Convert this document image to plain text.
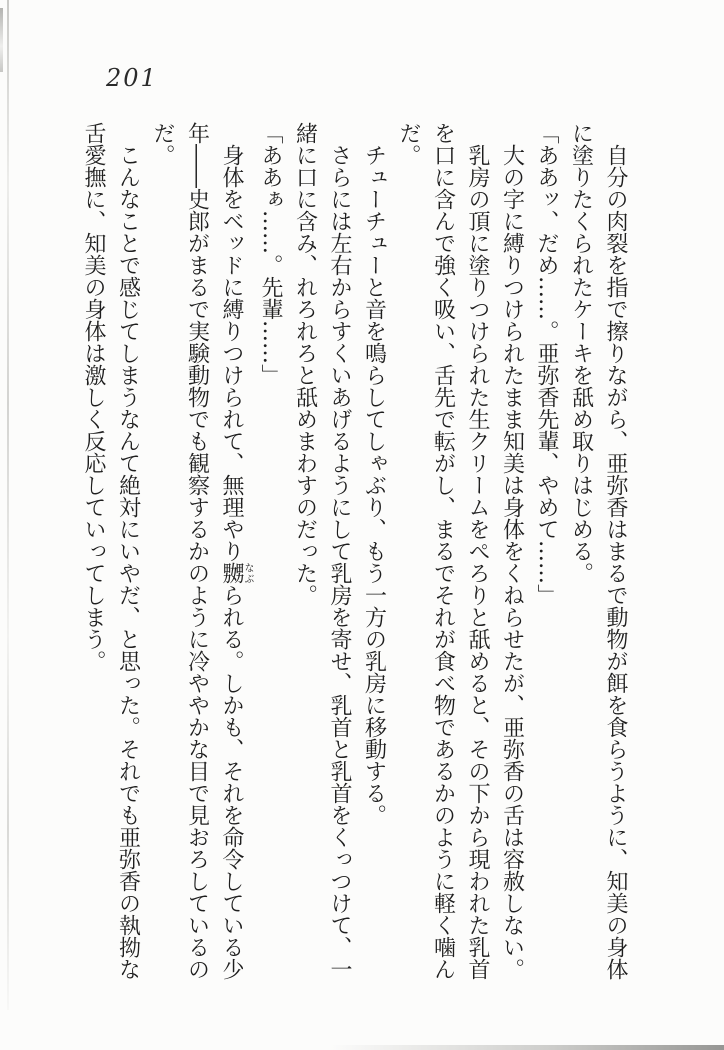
201

自分の肉裂を指で擦りながら、亜弥香はまるで動物が餌を食らうように、知美の身体に塗りたくられたケーキを舐め取りはじめる。

「ああッ、だめ……。亜弥香先輩、やめて……」

大の字に縛りつけられたまま知美は身体をくねらせたが、亜弥香の舌は容赦しない。

乳房の頂に塗りつけられた生クリームをぺろりと舐めると、その下から現われた乳首を口に含んで強く吸い、舌先で転がし、まるでそれが食べ物であるかのように軽く噛んだ。

チューチューと音を鳴らしてしゃぶり、もう一方の乳房に移動する。

さらには左右からすくいあげるようにして乳房を寄せ、乳首と乳首をくっつけて、一緒に口に含み、れろれろと舐めまわすのだった。

「ああぁ……。先輩……」

身体をベッドに縛りつけられて、無理やり嬲なぶられる。しかも、それを命令している少年――史郎がまるで実験動物でも観察するかのように冷ややかな目で見おろしているのだ。

こんなことで感じてしまうなんて絶対にいやだ、と思った。それでも亜弥香の執拗な舌愛撫に、知美の身体は激しく反応していってしまう。
